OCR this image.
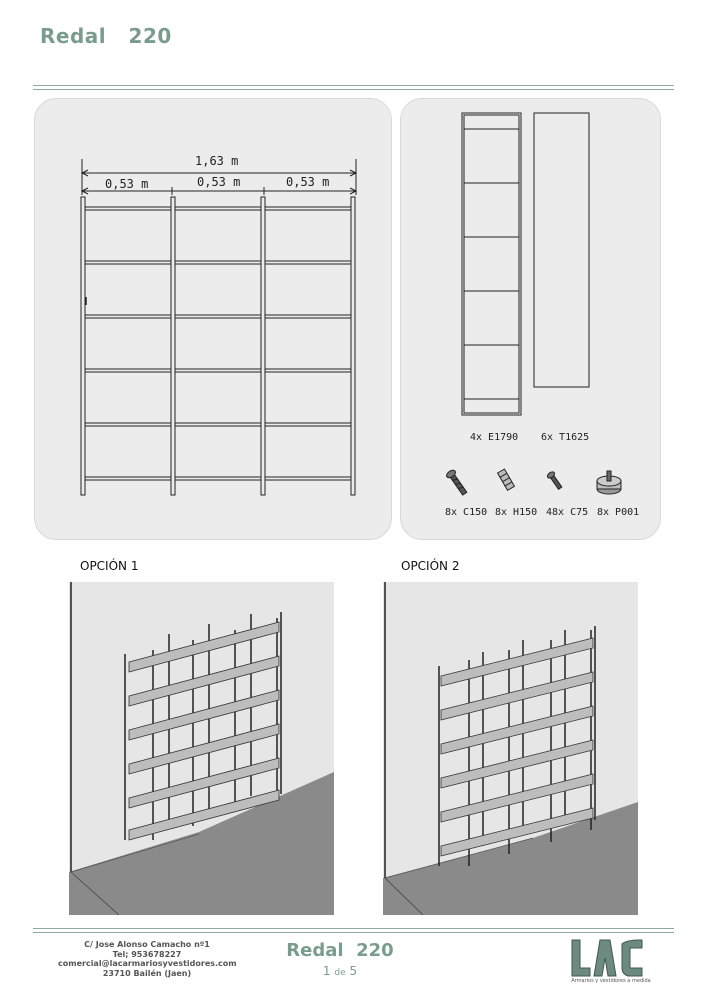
Redal   220
1,63 m
0,53 m	0,53 m	0,53 m
4x E1790 6x T1625
8x C150 8x H150 48x C75 8x P001
OPCIÓN 1	OPCIÓN 2
C/ Jose Alonso Camacho nº1
Tel; 953678227
comercial@lacarmariosyvestidores.com
23710 Bailén (Jaen)
Redal  220
1 de 5
Armarios y vestidores a medida
